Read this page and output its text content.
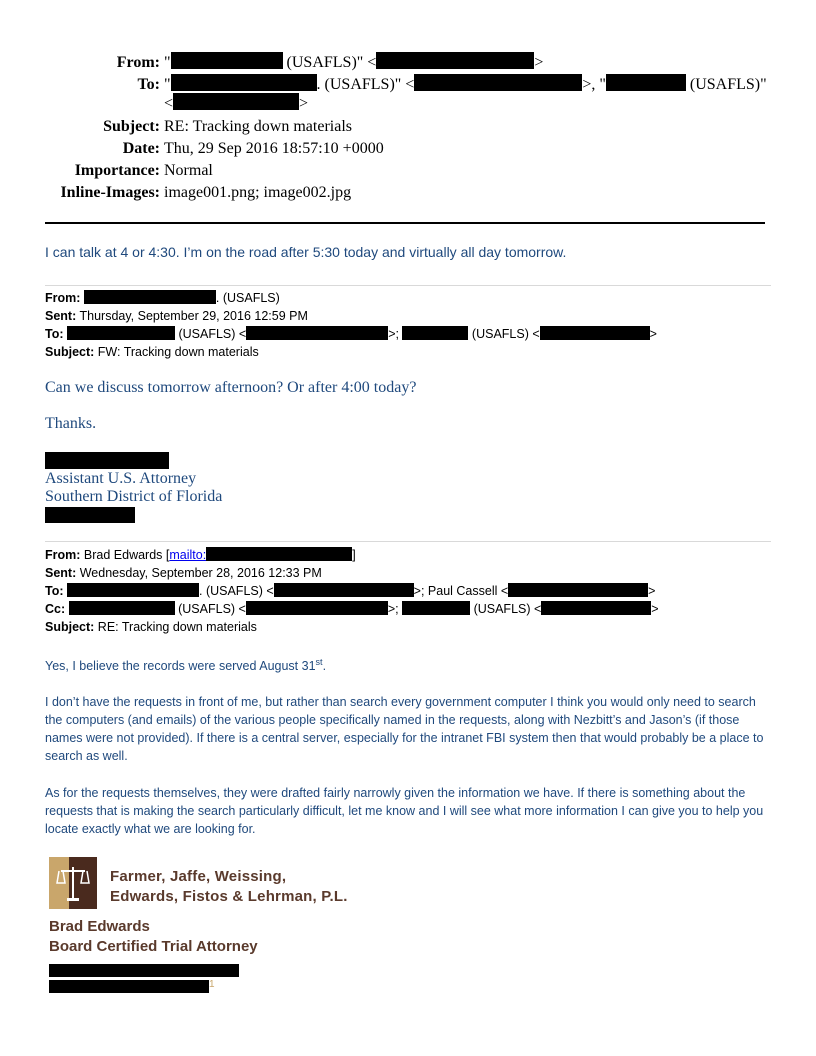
From: "	(USAFLS)" <	>
To: "	. (USAFLS)" <	>, "	(USAFLS)"
<	>
Subject: RE: Tracking down materials
Date: Thu, 29 Sep 2016 18:57:10 +0000
Importance: Normal
Inline-Images: image001.png; image002.jpg
I can talk at 4 or 4:30. I’m on the road after 5:30 today and virtually all day tomorrow.
From:	. (USAFLS)
Sent: Thursday, September 29, 2016 12:59 PM
To:	(USAFLS) <	>;	(USAFLS) <	>
Subject: FW: Tracking down materials
Can we discuss tomorrow afternoon? Or after 4:00 today?
Thanks.
Assistant U.S. Attorney
Southern District of Florida
From: Brad Edwards [mailto:	]
Sent: Wednesday, September 28, 2016 12:33 PM
To:	. (USAFLS) <	>; Paul Cassell <	>
Cc:	(USAFLS) <	>;	(USAFLS) <	>
Subject: RE: Tracking down materials
Yes, I believe the records were served August 31st.
I don’t have the requests in front of me, but rather than search every government computer I think you would only need to search the computers (and emails) of the various people specifically named in the requests, along with Nezbitt’s and Jason’s (if those names were not provided). If there is a central server, especially for the intranet FBI system then that would probably be a place to search as well.
As for the requests themselves, they were drafted fairly narrowly given the information we have. If there is something about the requests that is making the search particularly difficult, let me know and I will see what more information I can give you to help you locate exactly what we are looking for.
Farmer, Jaffe, Weissing,
Edwards, Fistos & Lehrman, P.L.
Brad Edwards
Board Certified Trial Attorney
1
